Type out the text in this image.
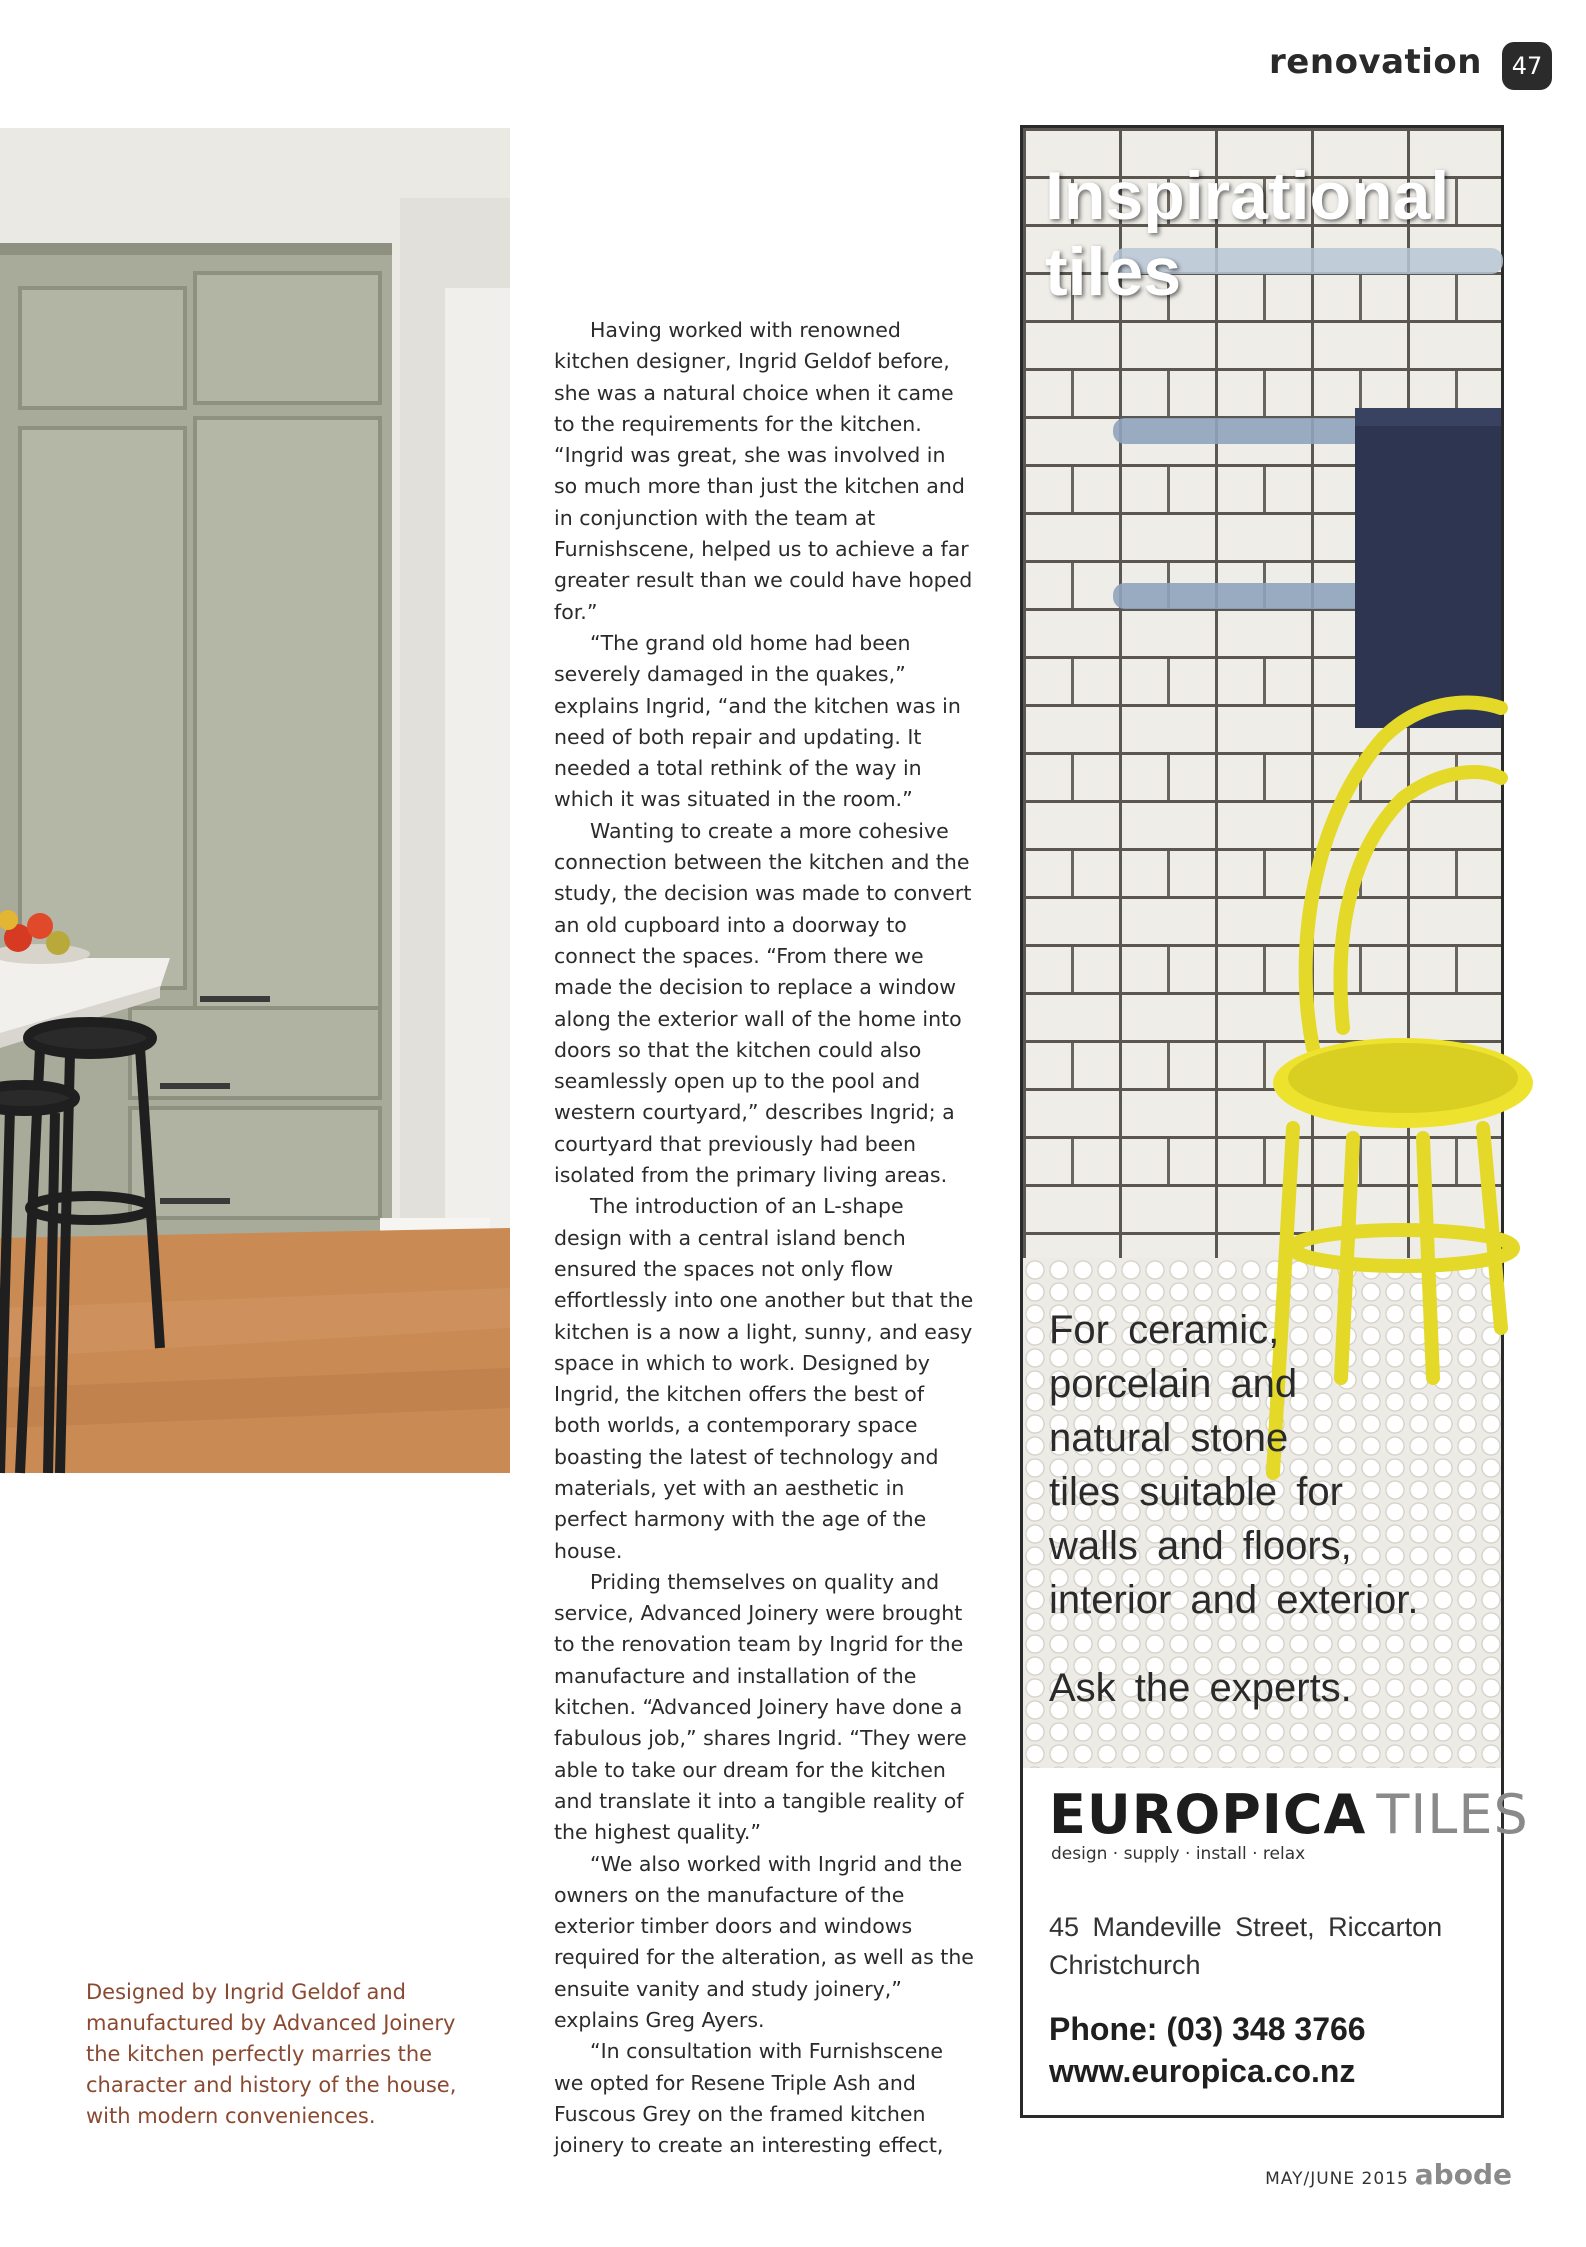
renovation	47

Having worked with renowned kitchen designer, Ingrid Geldof before, she was a natural choice when it came to the requirements for the kitchen. “Ingrid was great, she was involved in so much more than just the kitchen and in conjunction with the team at Furnishscene, helped us to achieve a far greater result than we could have hoped for.”

“The grand old home had been severely damaged in the quakes,” explains Ingrid, “and the kitchen was in need of both repair and updating. It needed a total rethink of the way in which it was situated in the room.”

Wanting to create a more cohesive connection between the kitchen and the study, the decision was made to convert an old cupboard into a doorway to connect the spaces. “From there we made the decision to replace a window along the exterior wall of the home into doors so that the kitchen could also seamlessly open up to the pool and western courtyard,” describes Ingrid; a courtyard that previously had been isolated from the primary living areas.

The introduction of an L-shape design with a central island bench ensured the spaces not only flow effortlessly into one another but that the kitchen is a now a light, sunny, and easy space in which to work. Designed by Ingrid, the kitchen offers the best of both worlds, a contemporary space boasting the latest of technology and materials, yet with an aesthetic in perfect harmony with the age of the house.

Priding themselves on quality and service, Advanced Joinery were brought to the renovation team by Ingrid for the manufacture and installation of the kitchen. “Advanced Joinery have done a fabulous job,” shares Ingrid. “They were able to take our dream for the kitchen and translate it into a tangible reality of the highest quality.”

“We also worked with Ingrid and the owners on the manufacture of the exterior timber doors and windows required for the alteration, as well as the ensuite vanity and study joinery,” explains Greg Ayers.

“In consultation with Furnishscene we opted for Resene Triple Ash and Fuscous Grey on the framed kitchen joinery to create an interesting effect,

Designed by Ingrid Geldof and manufactured by Advanced Joinery the kitchen perfectly marries the character and history of the house, with modern conveniences.
Inspirational
tiles
For ceramic,
porcelain and
natural stone
tiles suitable for
walls and floors,
interior and exterior.
Ask the experts.
EUROPICA TILES
design · supply · install · relax
45 Mandeville Street, Riccarton
Christchurch
Phone: (03) 348 3766
www.europica.co.nz
MAY/JUNE 2015 abode
